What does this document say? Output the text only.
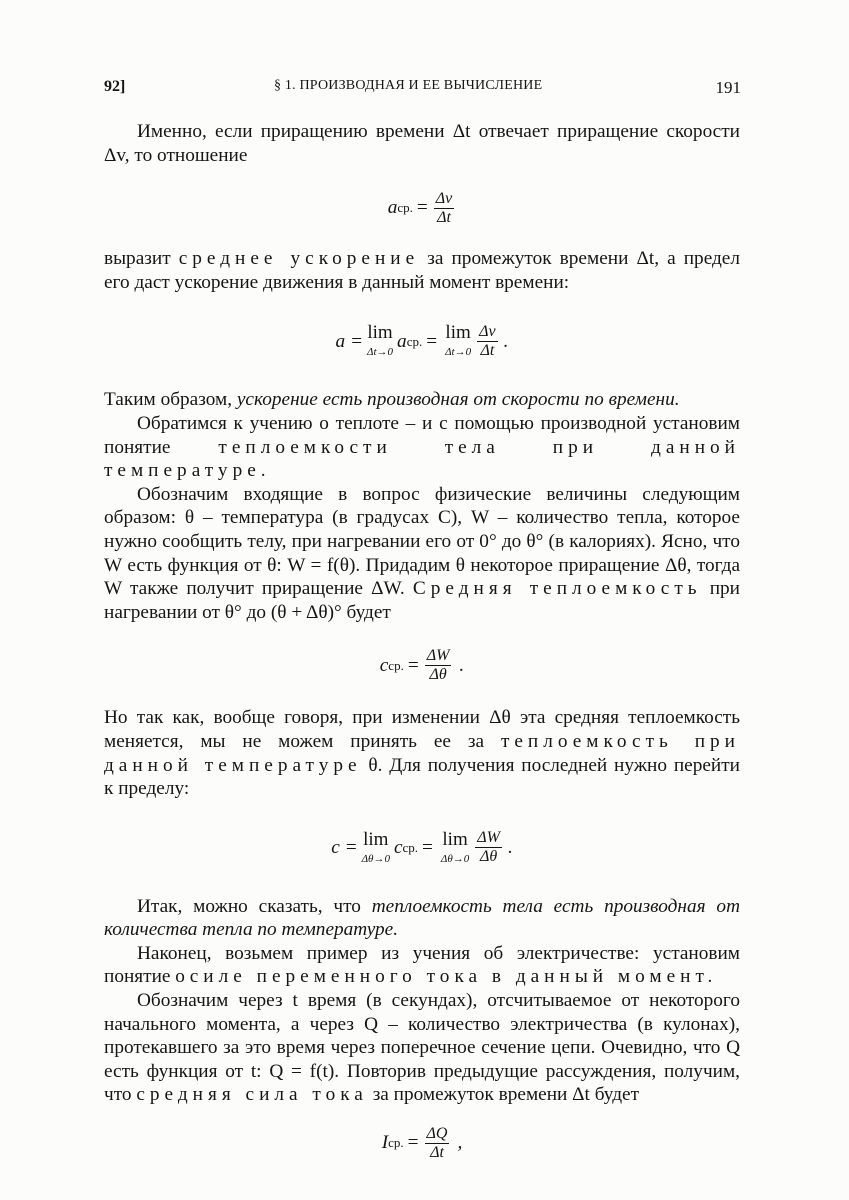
92]	§ 1. ПРОИЗВОДНАЯ И ЕЕ ВЫЧИСЛЕНИЕ	191

Именно, если приращению времени Δt отвечает приращение скорости Δv, то отношение

a ср. = $\frac{\Delta v}{\Delta t}$

выразит среднее ускорение за промежуток времени Δt, а предел его даст ускорение движения в данный момент времени:

a = lim
Δt→0
a ср. = lim
$\Delta t\to 0 \frac{\Delta v}{\Delta t}$ .

Таким образом, ускорение есть производная от скорости по времени.

Обратимся к учению о теплоте – и с помощью производной установим понятие теплоемкости тела при данной температуре.

Обозначим входящие в вопрос физические величины следующим образом: θ – температура (в градусах С), W – количество тепла, которое нужно сообщить телу, при нагревании его от 0° до θ° (в калориях). Ясно, что W есть функция от θ: W = f(θ). Придадим θ некоторое приращение Δθ, тогда W также получит приращение ΔW. Средняя теплоемкость при нагревании от θ° до (θ + Δθ)° будет

c ср. = $\frac{\Delta W}{\Delta\theta}$ .

Но так как, вообще говоря, при изменении Δθ эта средняя теплоемкость меняется, мы не можем принять ее за теплоемкость при данной температуре θ. Для получения последней нужно перейти к пределу:

c = lim
Δθ→0
c ср. = lim
$\Delta\theta\to 0 \frac{\Delta W}{\Delta\theta}$ .

Итак, можно сказать, что теплоемкость тела есть производная от количества тепла по температуре.

Наконец, возьмем пример из учения об электричестве: установим понятие о силе переменного тока в данный момент.

Обозначим через t время (в секундах), отсчитываемое от некоторого начального момента, а через Q – количество электричества (в кулонах), протекавшего за это время через поперечное сечение цепи. Очевидно, что Q есть функция от t: Q = f(t). Повторив предыдущие рассуждения, получим, что средняя сила тока за промежуток времени Δt будет

I ср. = $\frac{\Delta Q}{\Delta t}$ ,
